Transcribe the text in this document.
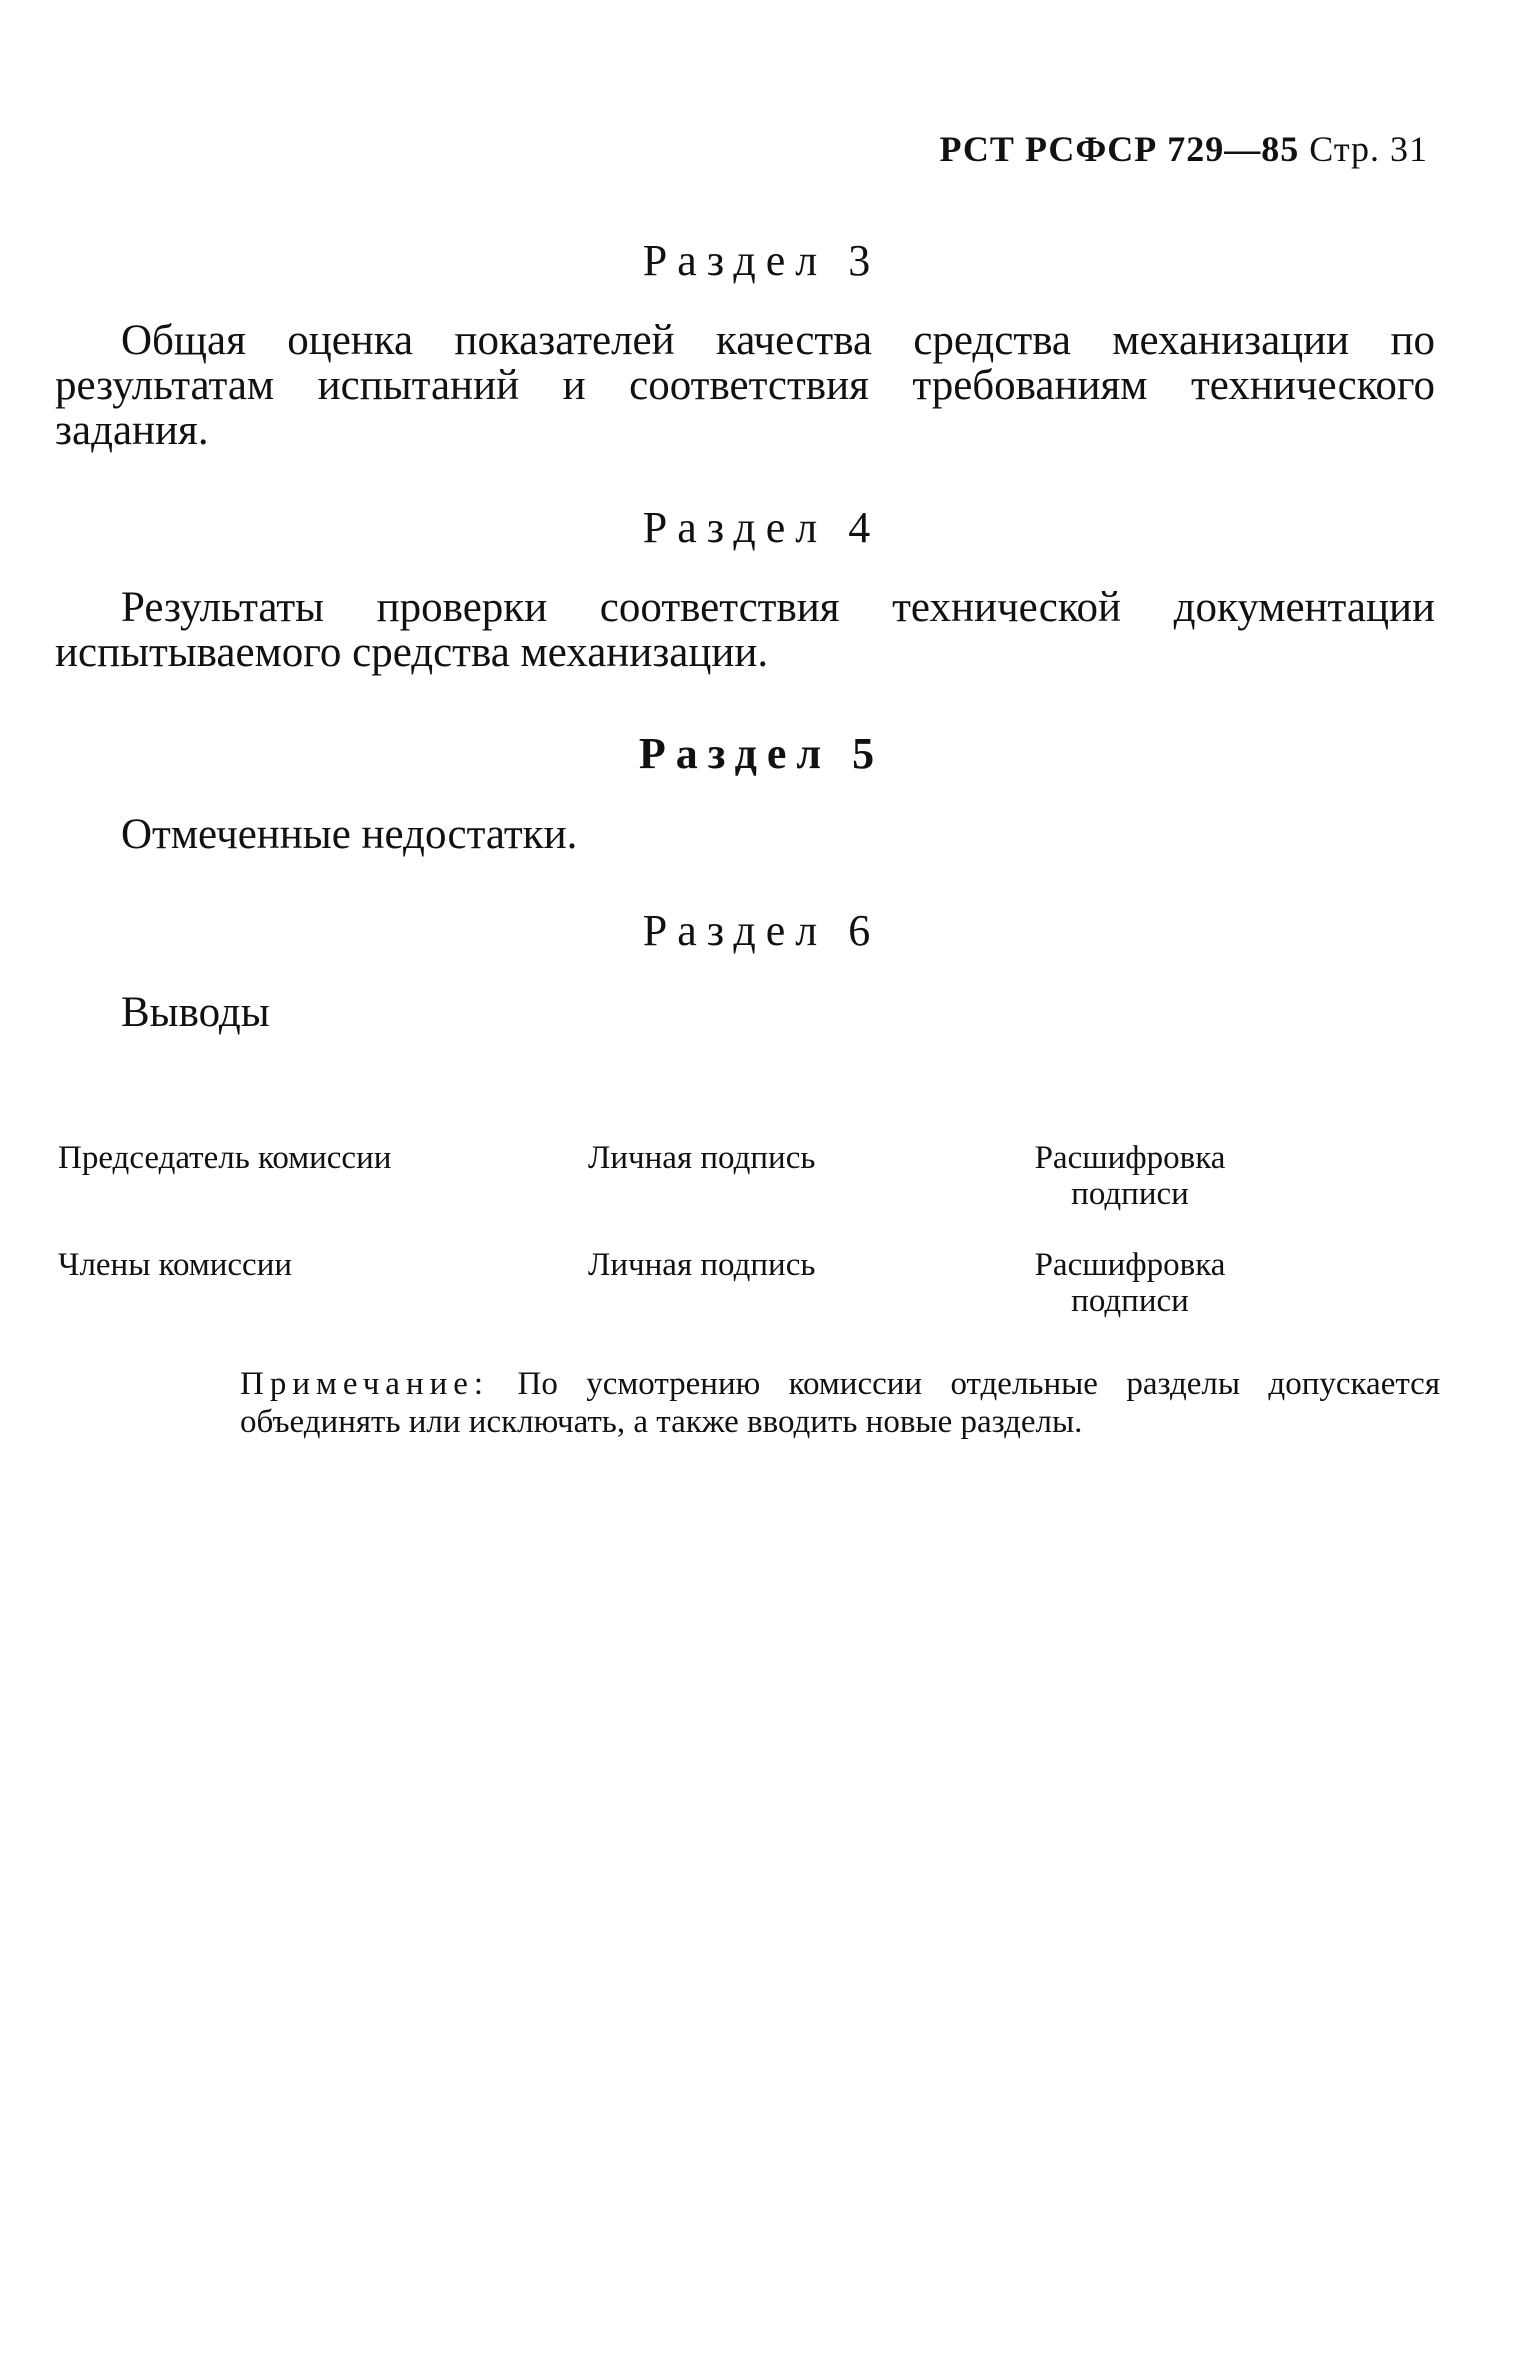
РСТ РСФСР 729—85 Стр. 31
Раздел 3
Общая оценка показателей качества средства механизации по результатам испытаний и соответствия требованиям технического задания.
Раздел 4
Результаты проверки соответствия технической документации испытываемого средства механизации.
Раздел 5
Отмеченные недостатки.
Раздел 6
Выводы
Председатель комиссии	Личная подпись	Расшифровка
подписи
Члены комиссии	Личная подпись	Расшифровка
подписи
Примечание: По усмотрению комиссии отдельные разделы допускается объединять или исключать, а также вводить новые разделы.
